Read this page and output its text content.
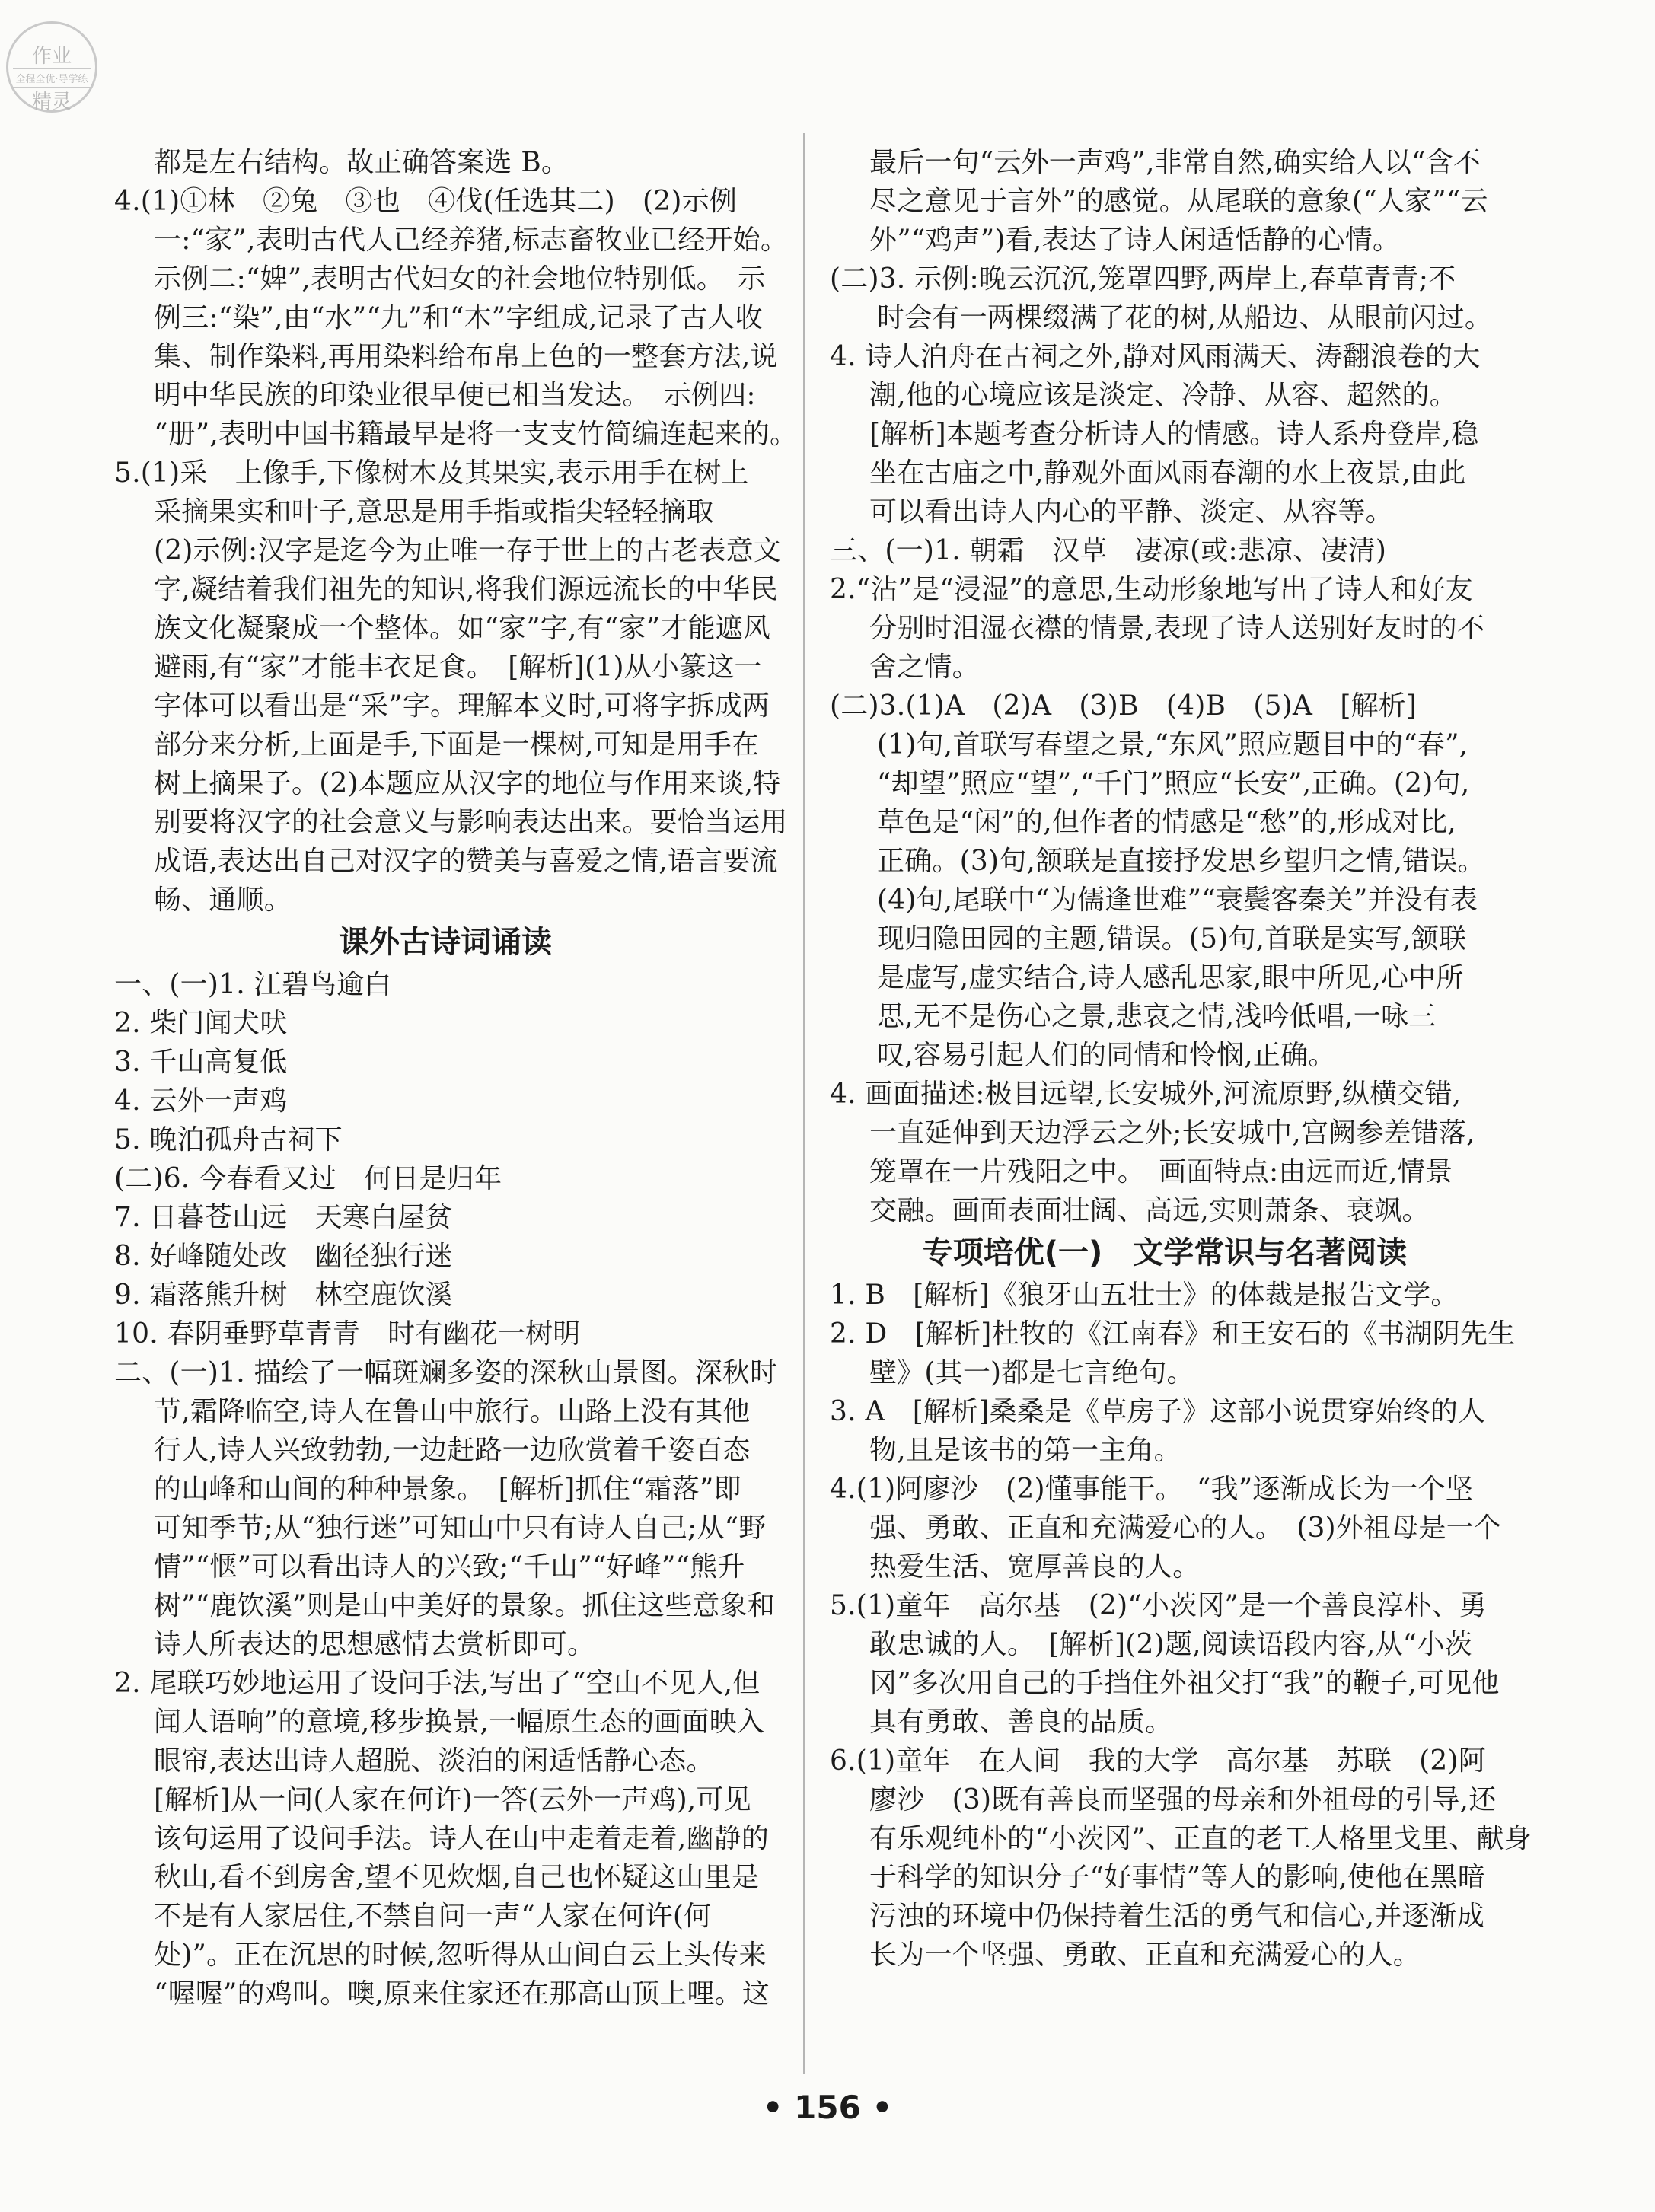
作业
全程全优·导学练
精灵
都是左右结构。故正确答案选 B。
4.(1)①林　②兔　③也　④伐(任选其二)　(2)示例
一:“家”,表明古代人已经养猪,标志畜牧业已经开始。
示例二:“婢”,表明古代妇女的社会地位特别低。　示
例三:“染”,由“水”“九”和“木”字组成,记录了古人收
集、制作染料,再用染料给布帛上色的一整套方法,说
明中华民族的印染业很早便已相当发达。　示例四:
“册”,表明中国书籍最早是将一支支竹简编连起来的。
5.(1)采　上像手,下像树木及其果实,表示用手在树上
采摘果实和叶子,意思是用手指或指尖轻轻摘取
(2)示例:汉字是迄今为止唯一存于世上的古老表意文
字,凝结着我们祖先的知识,将我们源远流长的中华民
族文化凝聚成一个整体。如“家”字,有“家”才能遮风
避雨,有“家”才能丰衣足食。　[解析](1)从小篆这一
字体可以看出是“采”字。理解本义时,可将字拆成两
部分来分析,上面是手,下面是一棵树,可知是用手在
树上摘果子。(2)本题应从汉字的地位与作用来谈,特
别要将汉字的社会意义与影响表达出来。要恰当运用
成语,表达出自己对汉字的赞美与喜爱之情,语言要流
畅、通顺。
课外古诗词诵读
一、(一)1. 江碧鸟逾白
2. 柴门闻犬吠
3. 千山高复低
4. 云外一声鸡
5. 晚泊孤舟古祠下
(二)6. 今春看又过　何日是归年
7. 日暮苍山远　天寒白屋贫
8. 好峰随处改　幽径独行迷
9. 霜落熊升树　林空鹿饮溪
10. 春阴垂野草青青　时有幽花一树明
二、(一)1. 描绘了一幅斑斓多姿的深秋山景图。深秋时
节,霜降临空,诗人在鲁山中旅行。山路上没有其他
行人,诗人兴致勃勃,一边赶路一边欣赏着千姿百态
的山峰和山间的种种景象。　[解析]抓住“霜落”即
可知季节;从“独行迷”可知山中只有诗人自己;从“野
情”“惬”可以看出诗人的兴致;“千山”“好峰”“熊升
树”“鹿饮溪”则是山中美好的景象。抓住这些意象和
诗人所表达的思想感情去赏析即可。
2. 尾联巧妙地运用了设问手法,写出了“空山不见人,但
闻人语响”的意境,移步换景,一幅原生态的画面映入
眼帘,表达出诗人超脱、淡泊的闲适恬静心态。
[解析]从一问(人家在何许)一答(云外一声鸡),可见
该句运用了设问手法。诗人在山中走着走着,幽静的
秋山,看不到房舍,望不见炊烟,自己也怀疑这山里是
不是有人家居住,不禁自问一声“人家在何许(何
处)”。正在沉思的时候,忽听得从山间白云上头传来
“喔喔”的鸡叫。噢,原来住家还在那高山顶上哩。这
最后一句“云外一声鸡”,非常自然,确实给人以“含不
尽之意见于言外”的感觉。从尾联的意象(“人家”“云
外”“鸡声”)看,表达了诗人闲适恬静的心情。
(二)3. 示例:晚云沉沉,笼罩四野,两岸上,春草青青;不
时会有一两棵缀满了花的树,从船边、从眼前闪过。
4. 诗人泊舟在古祠之外,静对风雨满天、涛翻浪卷的大
潮,他的心境应该是淡定、冷静、从容、超然的。
[解析]本题考查分析诗人的情感。诗人系舟登岸,稳
坐在古庙之中,静观外面风雨春潮的水上夜景,由此
可以看出诗人内心的平静、淡定、从容等。
三、(一)1. 朝霜　汉草　凄凉(或:悲凉、凄清)
2.“沾”是“浸湿”的意思,生动形象地写出了诗人和好友
分别时泪湿衣襟的情景,表现了诗人送别好友时的不
舍之情。
(二)3.(1)A　(2)A　(3)B　(4)B　(5)A　[解析]
(1)句,首联写春望之景,“东风”照应题目中的“春”,
“却望”照应“望”,“千门”照应“长安”,正确。(2)句,
草色是“闲”的,但作者的情感是“愁”的,形成对比,
正确。(3)句,颔联是直接抒发思乡望归之情,错误。
(4)句,尾联中“为儒逢世难”“衰鬓客秦关”并没有表
现归隐田园的主题,错误。(5)句,首联是实写,颔联
是虚写,虚实结合,诗人感乱思家,眼中所见,心中所
思,无不是伤心之景,悲哀之情,浅吟低唱,一咏三
叹,容易引起人们的同情和怜悯,正确。
4. 画面描述:极目远望,长安城外,河流原野,纵横交错,
一直延伸到天边浮云之外;长安城中,宫阙参差错落,
笼罩在一片残阳之中。　画面特点:由远而近,情景
交融。画面表面壮阔、高远,实则萧条、衰飒。
专项培优(一)　文学常识与名著阅读
1. B　[解析]《狼牙山五壮士》的体裁是报告文学。
2. D　[解析]杜牧的《江南春》和王安石的《书湖阴先生
壁》(其一)都是七言绝句。
3. A　[解析]桑桑是《草房子》这部小说贯穿始终的人
物,且是该书的第一主角。
4.(1)阿廖沙　(2)懂事能干。　“我”逐渐成长为一个坚
强、勇敢、正直和充满爱心的人。　(3)外祖母是一个
热爱生活、宽厚善良的人。
5.(1)童年　高尔基　(2)“小茨冈”是一个善良淳朴、勇
敢忠诚的人。　[解析](2)题,阅读语段内容,从“小茨
冈”多次用自己的手挡住外祖父打“我”的鞭子,可见他
具有勇敢、善良的品质。
6.(1)童年　在人间　我的大学　高尔基　苏联　(2)阿
廖沙　(3)既有善良而坚强的母亲和外祖母的引导,还
有乐观纯朴的“小茨冈”、正直的老工人格里戈里、献身
于科学的知识分子“好事情”等人的影响,使他在黑暗
污浊的环境中仍保持着生活的勇气和信心,并逐渐成
长为一个坚强、勇敢、正直和充满爱心的人。
• 156 •
